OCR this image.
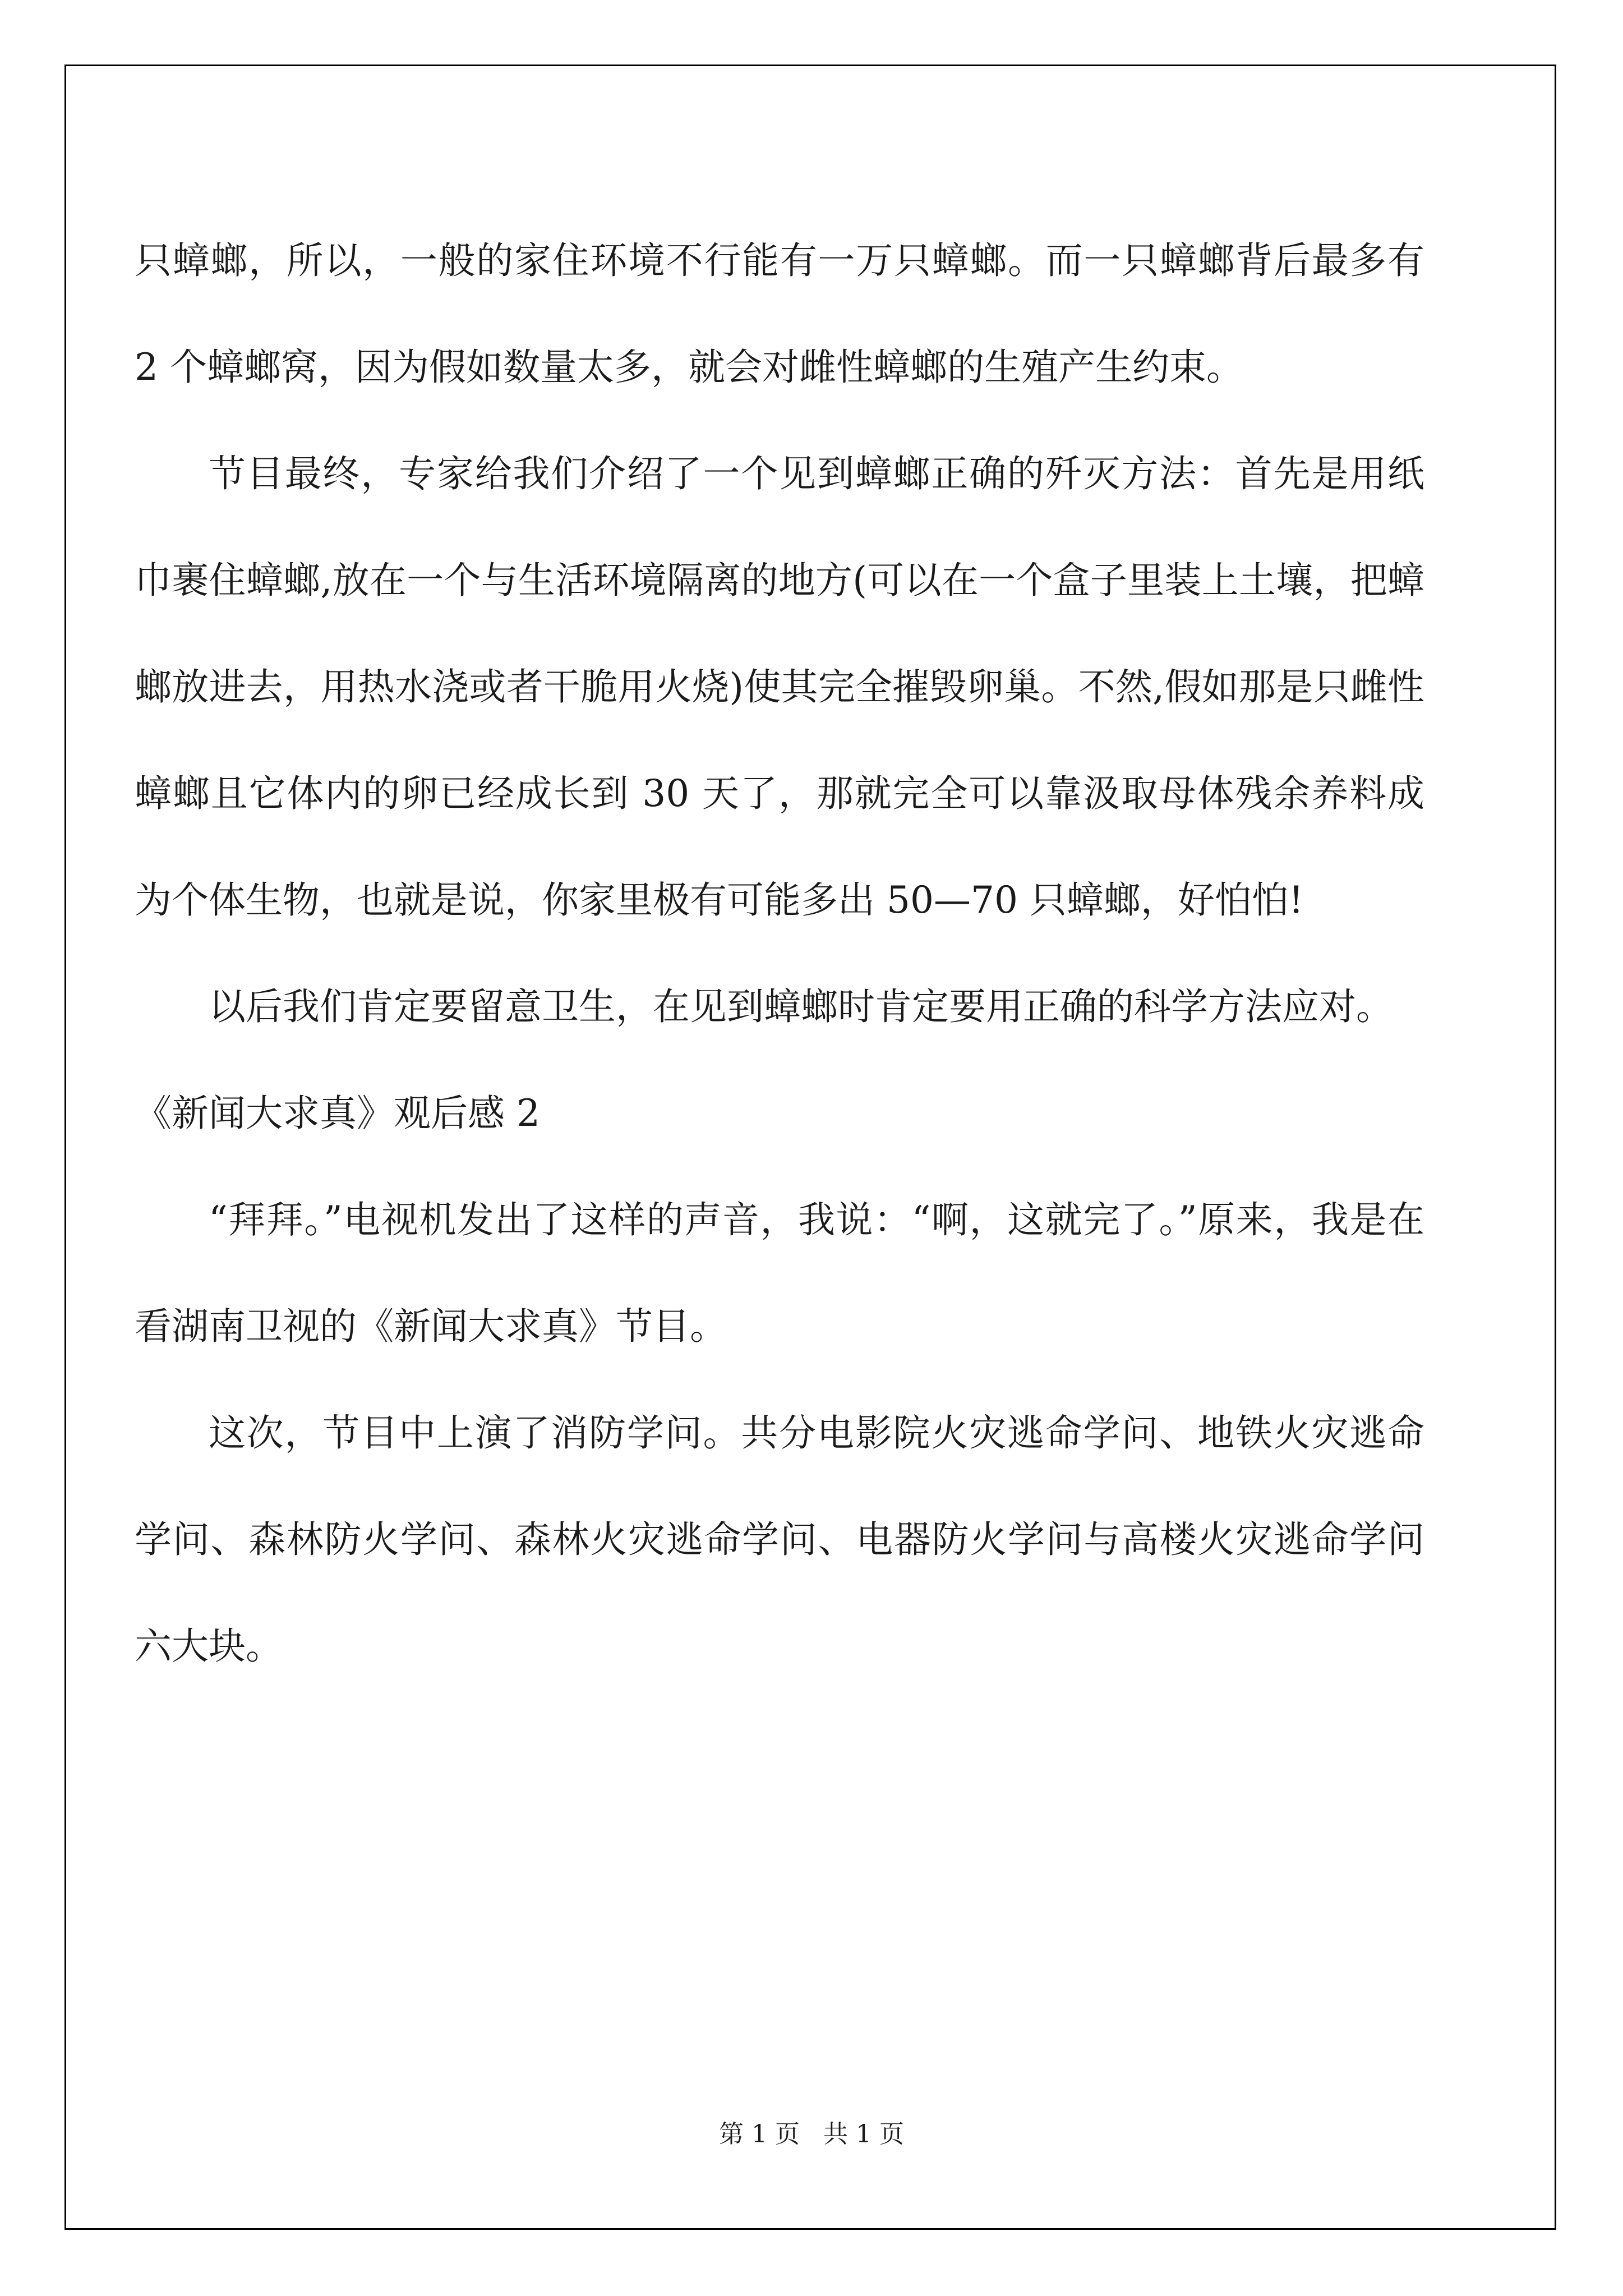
只蟑螂，所以，一般的家住环境不行能有一万只蟑螂。而一只蟑螂背后最多有 2 个蟑螂窝，因为假如数量太多，就会对雌性蟑螂的生殖产生约束。

节目最终，专家给我们介绍了一个见到蟑螂正确的歼灭方法：首先是用纸巾裹住蟑螂,放在一个与生活环境隔离的地方(可以在一个盒子里装上土壤，把蟑螂放进去，用热水浇或者干脆用火烧)使其完全摧毁卵巢。不然,假如那是只雌性蟑螂且它体内的卵已经成长到 30 天了，那就完全可以靠汲取母体残余养料成为个体生物，也就是说，你家里极有可能多出 50—70 只蟑螂，好怕怕!

以后我们肯定要留意卫生，在见到蟑螂时肯定要用正确的科学方法应对。

《新闻大求真》观后感 2

“拜拜。”电视机发出了这样的声音，我说：“啊，这就完了。”原来，我是在看湖南卫视的《新闻大求真》节目。

这次，节目中上演了消防学问。共分电影院火灾逃命学问、地铁火灾逃命学问、森林防火学问、森林火灾逃命学问、电器防火学问与高楼火灾逃命学问六大块。

第 1 页 共 1 页
